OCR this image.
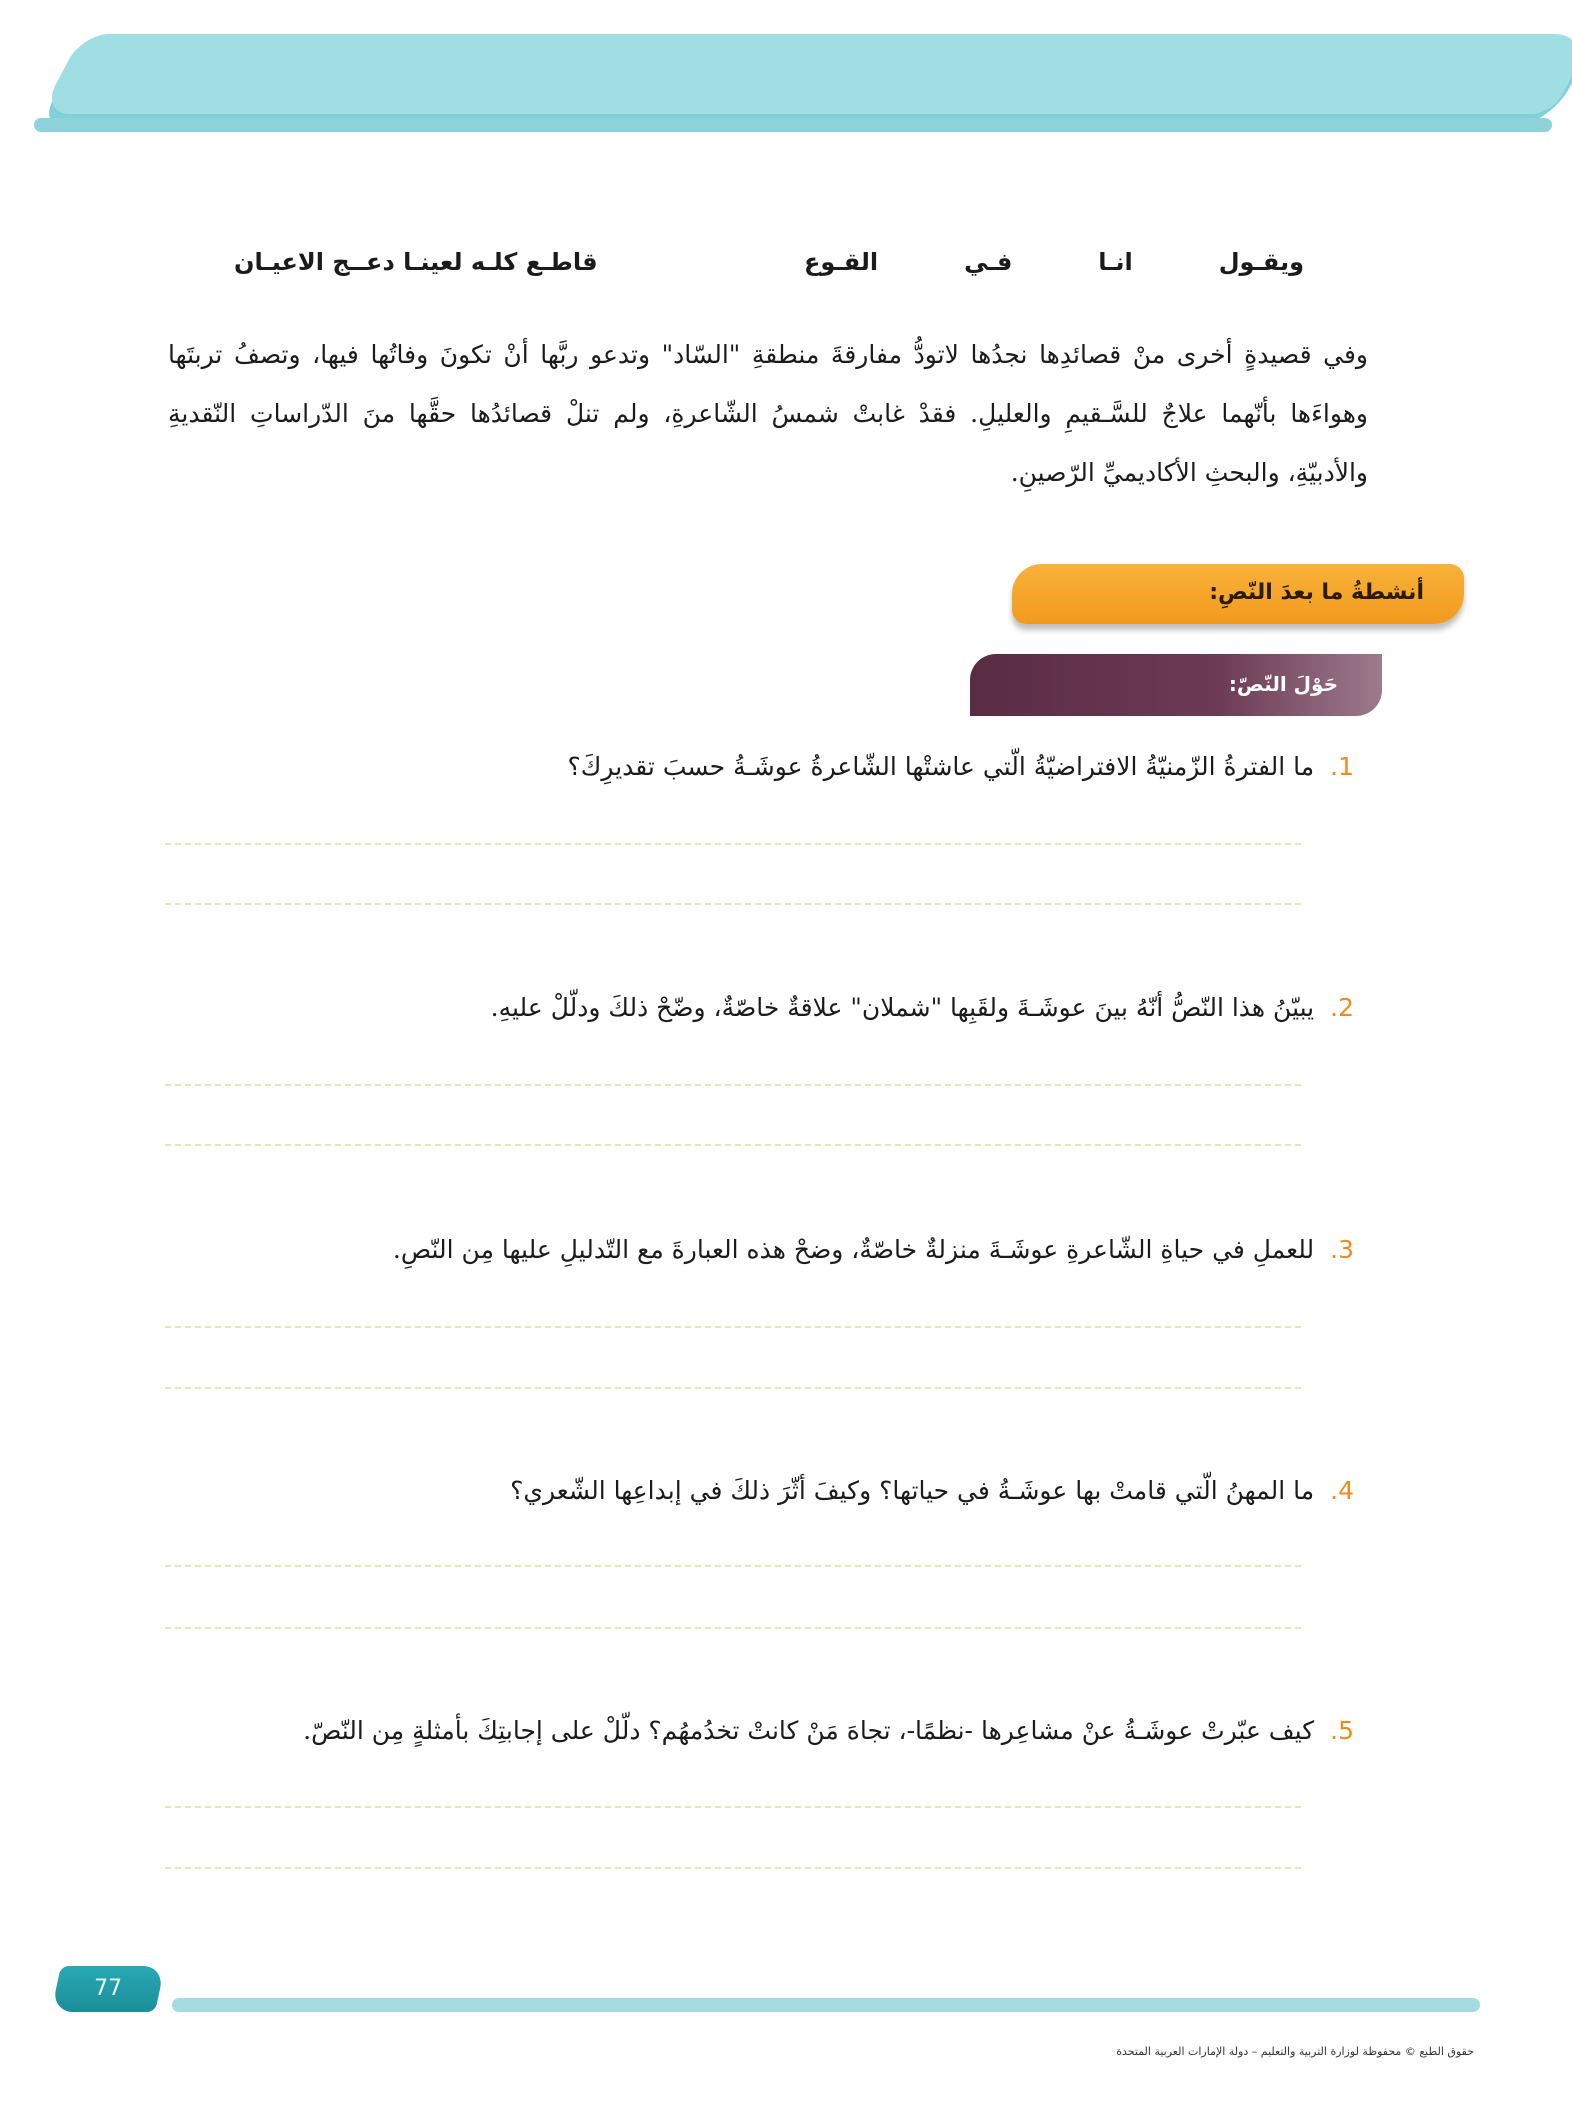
ويقـول
انـا
فـي
القـوع
قاطـع كلـه لعينـا دعــج الاعيـان

وفي قصيدةٍ أخرى منْ قصائدِها نجدُها لاتودُّ مفارقةَ منطقةِ "السّاد" وتدعو ربَّها أنْ تكونَ وفاتُها فيها، وتصفُ تربتَها وهواءَها بأنّهما علاجٌ للسَّـقيمِ والعليلِ. فقدْ غابتْ شمسُ الشّاعرةِ، ولم تنلْ قصائدُها حقَّها منَ الدّراساتِ النّقديةِ والأدبيّةِ، والبحثِ الأكاديميِّ الرّصينِ.

أنشطةُ ما بعدَ النّصِ:
حَوْلَ النّصّ:
1.ما الفترةُ الزّمنيّةُ الافتراضيّةُ الّتي عاشتْها الشّاعرةُ عوشَـةُ حسبَ تقديرِكَ؟
2.يبيّنُ هذا النّصُّ أنّهُ بينَ عوشَـةَ ولقَبِها "شملان" علاقةٌ خاصّةٌ، وضّحْ ذلكَ ودلّلْ عليهِ.
3.للعملِ في حياةِ الشّاعرةِ عوشَـةَ منزلةٌ خاصّةٌ، وضحْ هذه العبارةَ مع التّدليلِ عليها مِن النّصِ.
4.ما المهنُ الّتي قامتْ بها عوشَـةُ في حياتها؟ وكيفَ أثّرَ ذلكَ في إبداعِها الشّعري؟
5.كيف عبّرتْ عوشَـةُ عنْ مشاعِرها -نظمًا-، تجاهَ مَنْ كانتْ تخدُمهُم؟ دلّلْ على إجابتِكَ بأمثلةٍ مِن النّصّ.
77
حقوق الطبع © محفوظة لوزارة التربية والتعليم – دولة الإمارات العربية المتحدة
